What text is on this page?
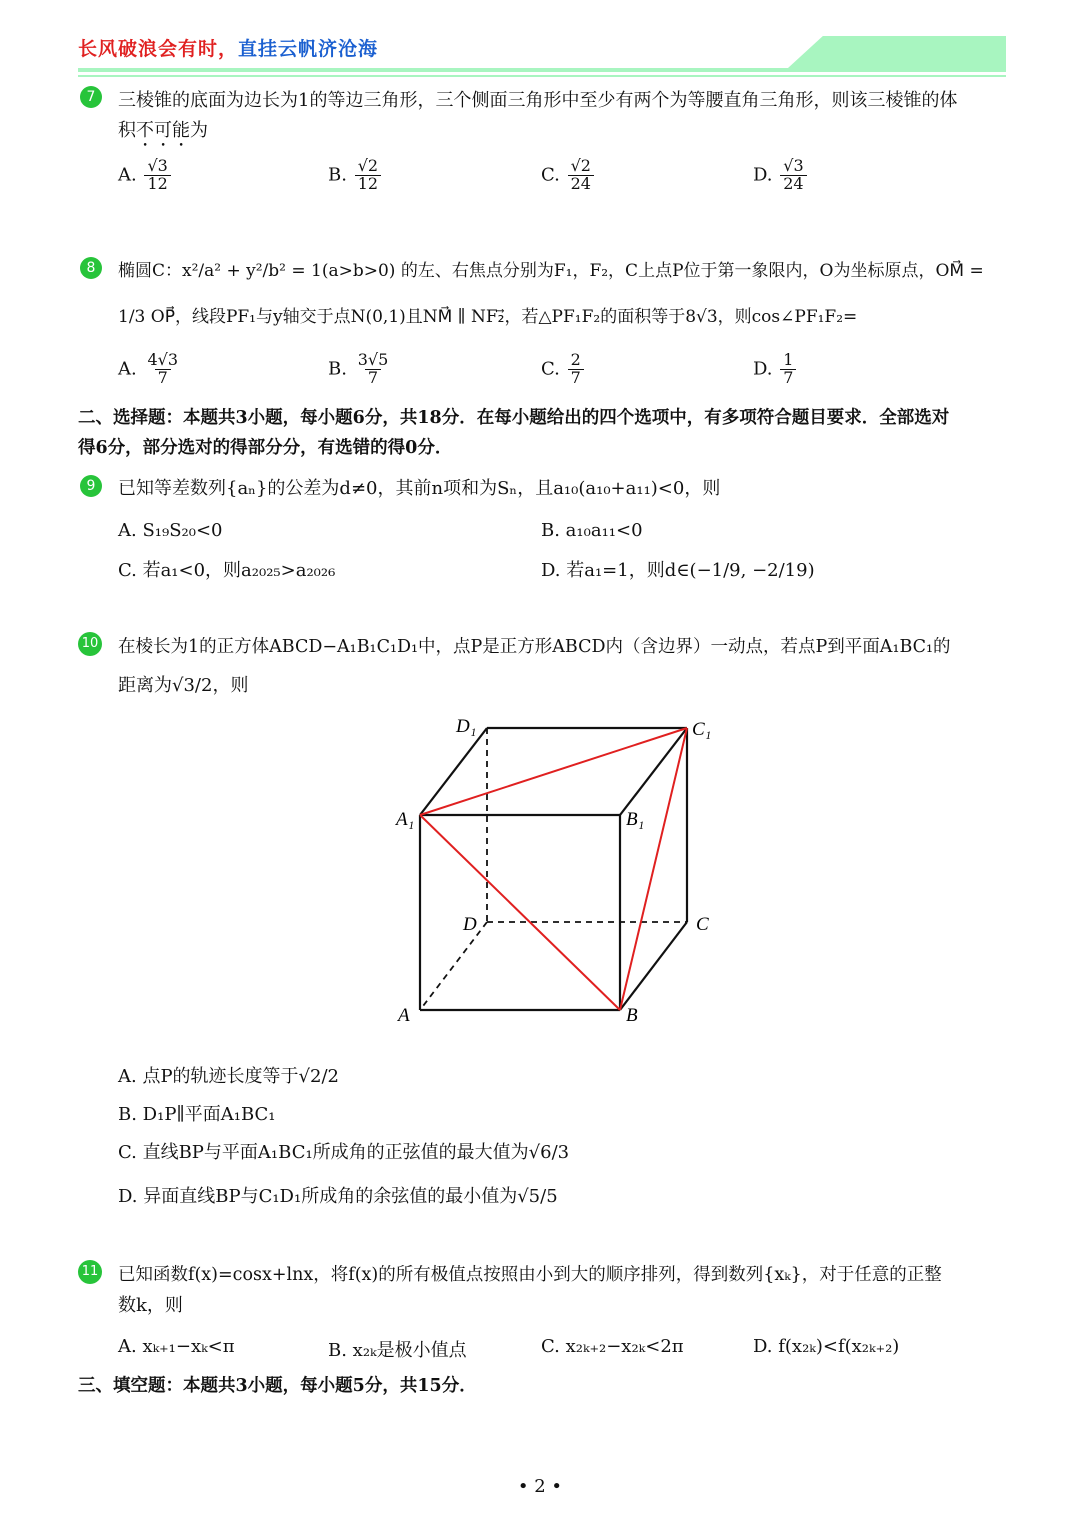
长风破浪会有时，直挂云帆济沧海
7	三棱锥的底面为边长为1的等边三角形，三个侧面三角形中至少有两个为等腰直角三角形，则该三棱锥的体
积不可能为
A. $\frac{√3}{12}$	B. $\frac{√2}{12}$	C. $\frac{√2}{24}$	D. $\frac{√3}{24}$
8	椭圆C：x²/a² + y²/b² = 1(a>b>0) 的左、右焦点分别为F₁，F₂，C上点P位于第一象限内，O为坐标原点，OM⃗ =
1/3 OP⃗，线段PF₁与y轴交于点N(0,1)且NM⃗ ∥ NF₂⃗，若△PF₁F₂的面积等于8√3，则cos∠PF₁F₂=
A. $\frac{4√3}{7}$	B. $\frac{3√5}{7}$	C. $\frac{2}{7}$	D. $\frac{1}{7}$
二、选择题：本题共3小题，每小题6分，共18分．在每小题给出的四个选项中，有多项符合题目要求．全部选对
得6分，部分选对的得部分分，有选错的得0分．
9	已知等差数列{aₙ}的公差为d≠0，其前n项和为Sₙ，且a₁₀(a₁₀+a₁₁)<0，则
A. S₁₉S₂₀<0	B. a₁₀a₁₁<0
C. 若a₁<0，则a₂₀₂₅>a₂₀₂₆	D. 若a₁=1，则d∈(−1/9, −2/19)
10 在棱长为1的正方体ABCD−A₁B₁C₁D₁中，点P是正方形ABCD内（含边界）一动点，若点P到平面A₁BC₁的
距离为√3/2，则
D₁	C₁
A₁	B₁
D	C
A	B
A. 点P的轨迹长度等于√2/2
B. D₁P∥平面A₁BC₁
C. 直线BP与平面A₁BC₁所成角的正弦值的最大值为√6/3
D. 异面直线BP与C₁D₁所成角的余弦值的最小值为√5/5
11 已知函数f(x)=cosx+lnx，将f(x)的所有极值点按照由小到大的顺序排列，得到数列{xₖ}，对于任意的正整
数k，则
A. xₖ₊₁−xₖ<π	B. x₂ₖ是极小值点	C. x₂ₖ₊₂−x₂ₖ<2π	D. f(x₂ₖ)<f(x₂ₖ₊₂)
三、填空题：本题共3小题，每小题5分，共15分．
• 2 •
